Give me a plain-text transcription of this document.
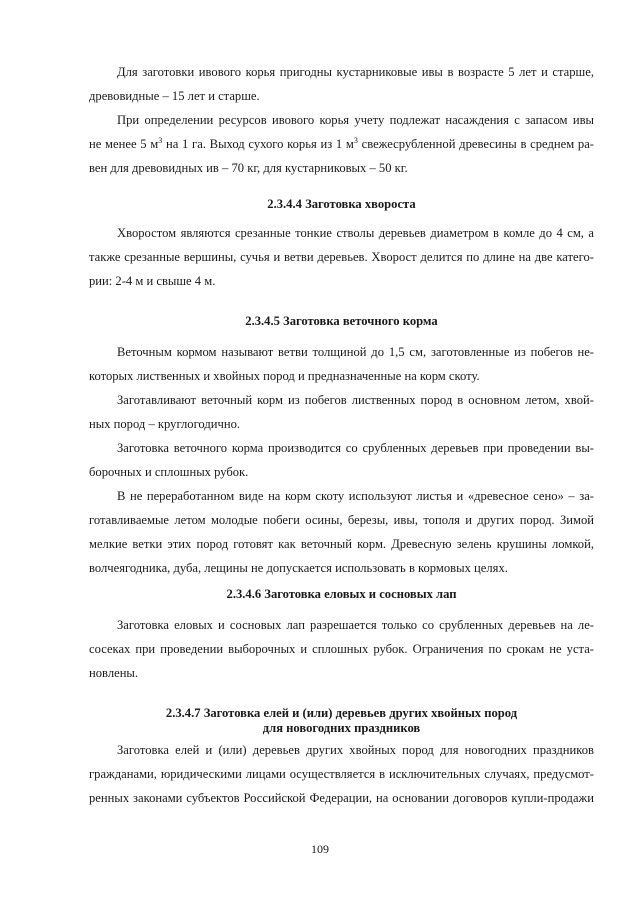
Для заготовки ивового корья пригодны кустарниковые ивы в возрасте 5 лет и старше,
древовидные – 15 лет и старше.
При определении ресурсов ивового корья учету подлежат насаждения с запасом ивы
не менее 5 $м^3$ на 1 га. Выход сухого корья из 1 $м^3$ свежесрубленной древесины в среднем ра-
вен для древовидных ив – 70 кг, для кустарниковых – 50 кг.
2.3.4.4 Заготовка хвороста
Хворостом являются срезанные тонкие стволы деревьев диаметром в комле до 4 см, а
также срезанные вершины, сучья и ветви деревьев. Хворост делится по длине на две катего-
рии: 2-4 м и свыше 4 м.
2.3.4.5 Заготовка веточного корма
Веточным кормом называют ветви толщиной до 1,5 см, заготовленные из побегов не-
которых лиственных и хвойных пород и предназначенные на корм скоту.
Заготавливают веточный корм из побегов лиственных пород в основном летом, хвой-
ных пород – круглогодично.
Заготовка веточного корма производится со срубленных деревьев при проведении вы-
борочных и сплошных рубок.
В не переработанном виде на корм скоту используют листья и «древесное сено» – за-
готавливаемые летом молодые побеги осины, березы, ивы, тополя и других пород. Зимой
мелкие ветки этих пород готовят как веточный корм. Древесную зелень крушины ломкой,
волчеягодника, дуба, лещины не допускается использовать в кормовых целях.
2.3.4.6 Заготовка еловых и сосновых лап
Заготовка еловых и сосновых лап разрешается только со срубленных деревьев на ле-
сосеках при проведении выборочных и сплошных рубок. Ограничения по срокам не уста-
новлены.
2.3.4.7 Заготовка елей и (или) деревьев других хвойных пород
для новогодних праздников
Заготовка елей и (или) деревьев других хвойных пород для новогодних праздников
гражданами, юридическими лицами осуществляется в исключительных случаях, предусмот-
ренных законами субъектов Российской Федерации, на основании договоров купли-продажи
109
